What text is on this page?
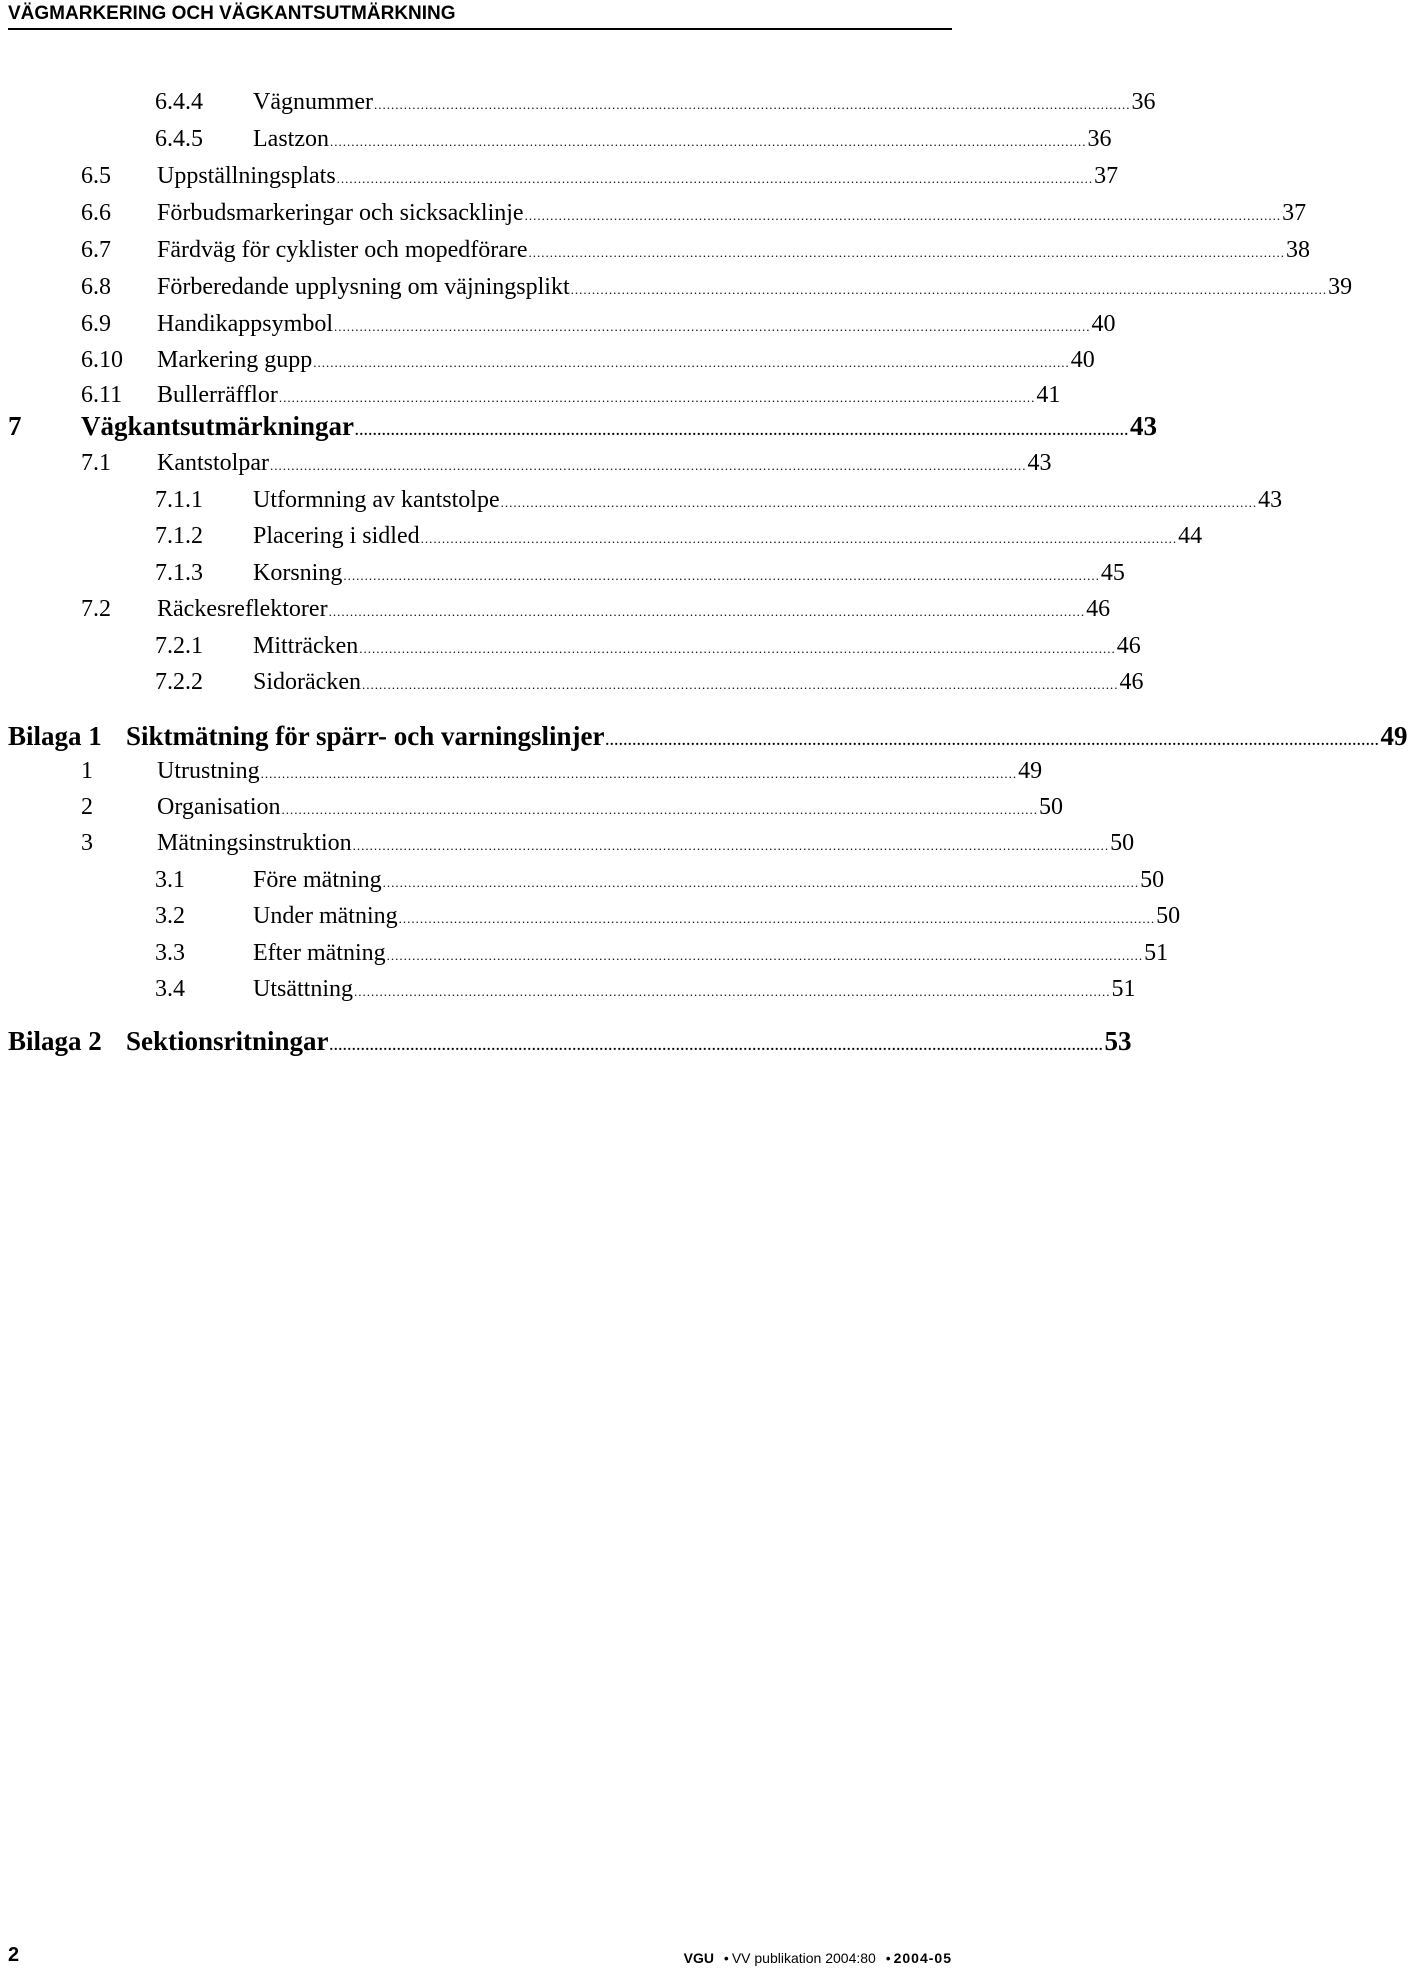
VÄGMARKERING OCH VÄGKANTSUTMÄRKNING
6.4.4	Vägnummer .................................................................................................................................................................................. 36
6.4.5	Lastzon .................................................................................................................................................................................. 36
6.5	Uppställningsplats .................................................................................................................................................................................. 37
6.6	Förbudsmarkeringar och sicksacklinje .................................................................................................................................................................................. 37
6.7	Färdväg för cyklister och mopedförare .................................................................................................................................................................................. 38
6.8	Förberedande upplysning om väjningsplikt .................................................................................................................................................................................. 39
6.9	Handikappsymbol .................................................................................................................................................................................. 40
6.10	Markering gupp .................................................................................................................................................................................. 40
6.11	Bullerräfflor .................................................................................................................................................................................. 41
7	Vägkantsutmärkningar ............................................................................................................................................................................ 43
7.1	Kantstolpar .................................................................................................................................................................................. 43
7.1.1	Utformning av kantstolpe .................................................................................................................................................................................. 43
7.1.2	Placering i sidled .................................................................................................................................................................................. 44
7.1.3	Korsning .................................................................................................................................................................................. 45
7.2	Räckesreflektorer .................................................................................................................................................................................. 46
7.2.1	Mitträcken .................................................................................................................................................................................. 46
7.2.2	Sidoräcken .................................................................................................................................................................................. 46
Bilaga 1 Siktmätning för spärr- och varningslinjer ............................................................................................................................................................................ 49
1	Utrustning .................................................................................................................................................................................. 49
2	Organisation .................................................................................................................................................................................. 50
3	Mätningsinstruktion .................................................................................................................................................................................. 50
3.1	Före mätning .................................................................................................................................................................................. 50
3.2	Under mätning .................................................................................................................................................................................. 50
3.3	Efter mätning .................................................................................................................................................................................. 51
3.4	Utsättning .................................................................................................................................................................................. 51
Bilaga 2 Sektionsritningar ............................................................................................................................................................................ 53
2	VGU • VV publikation 2004:80 • 2004-05
